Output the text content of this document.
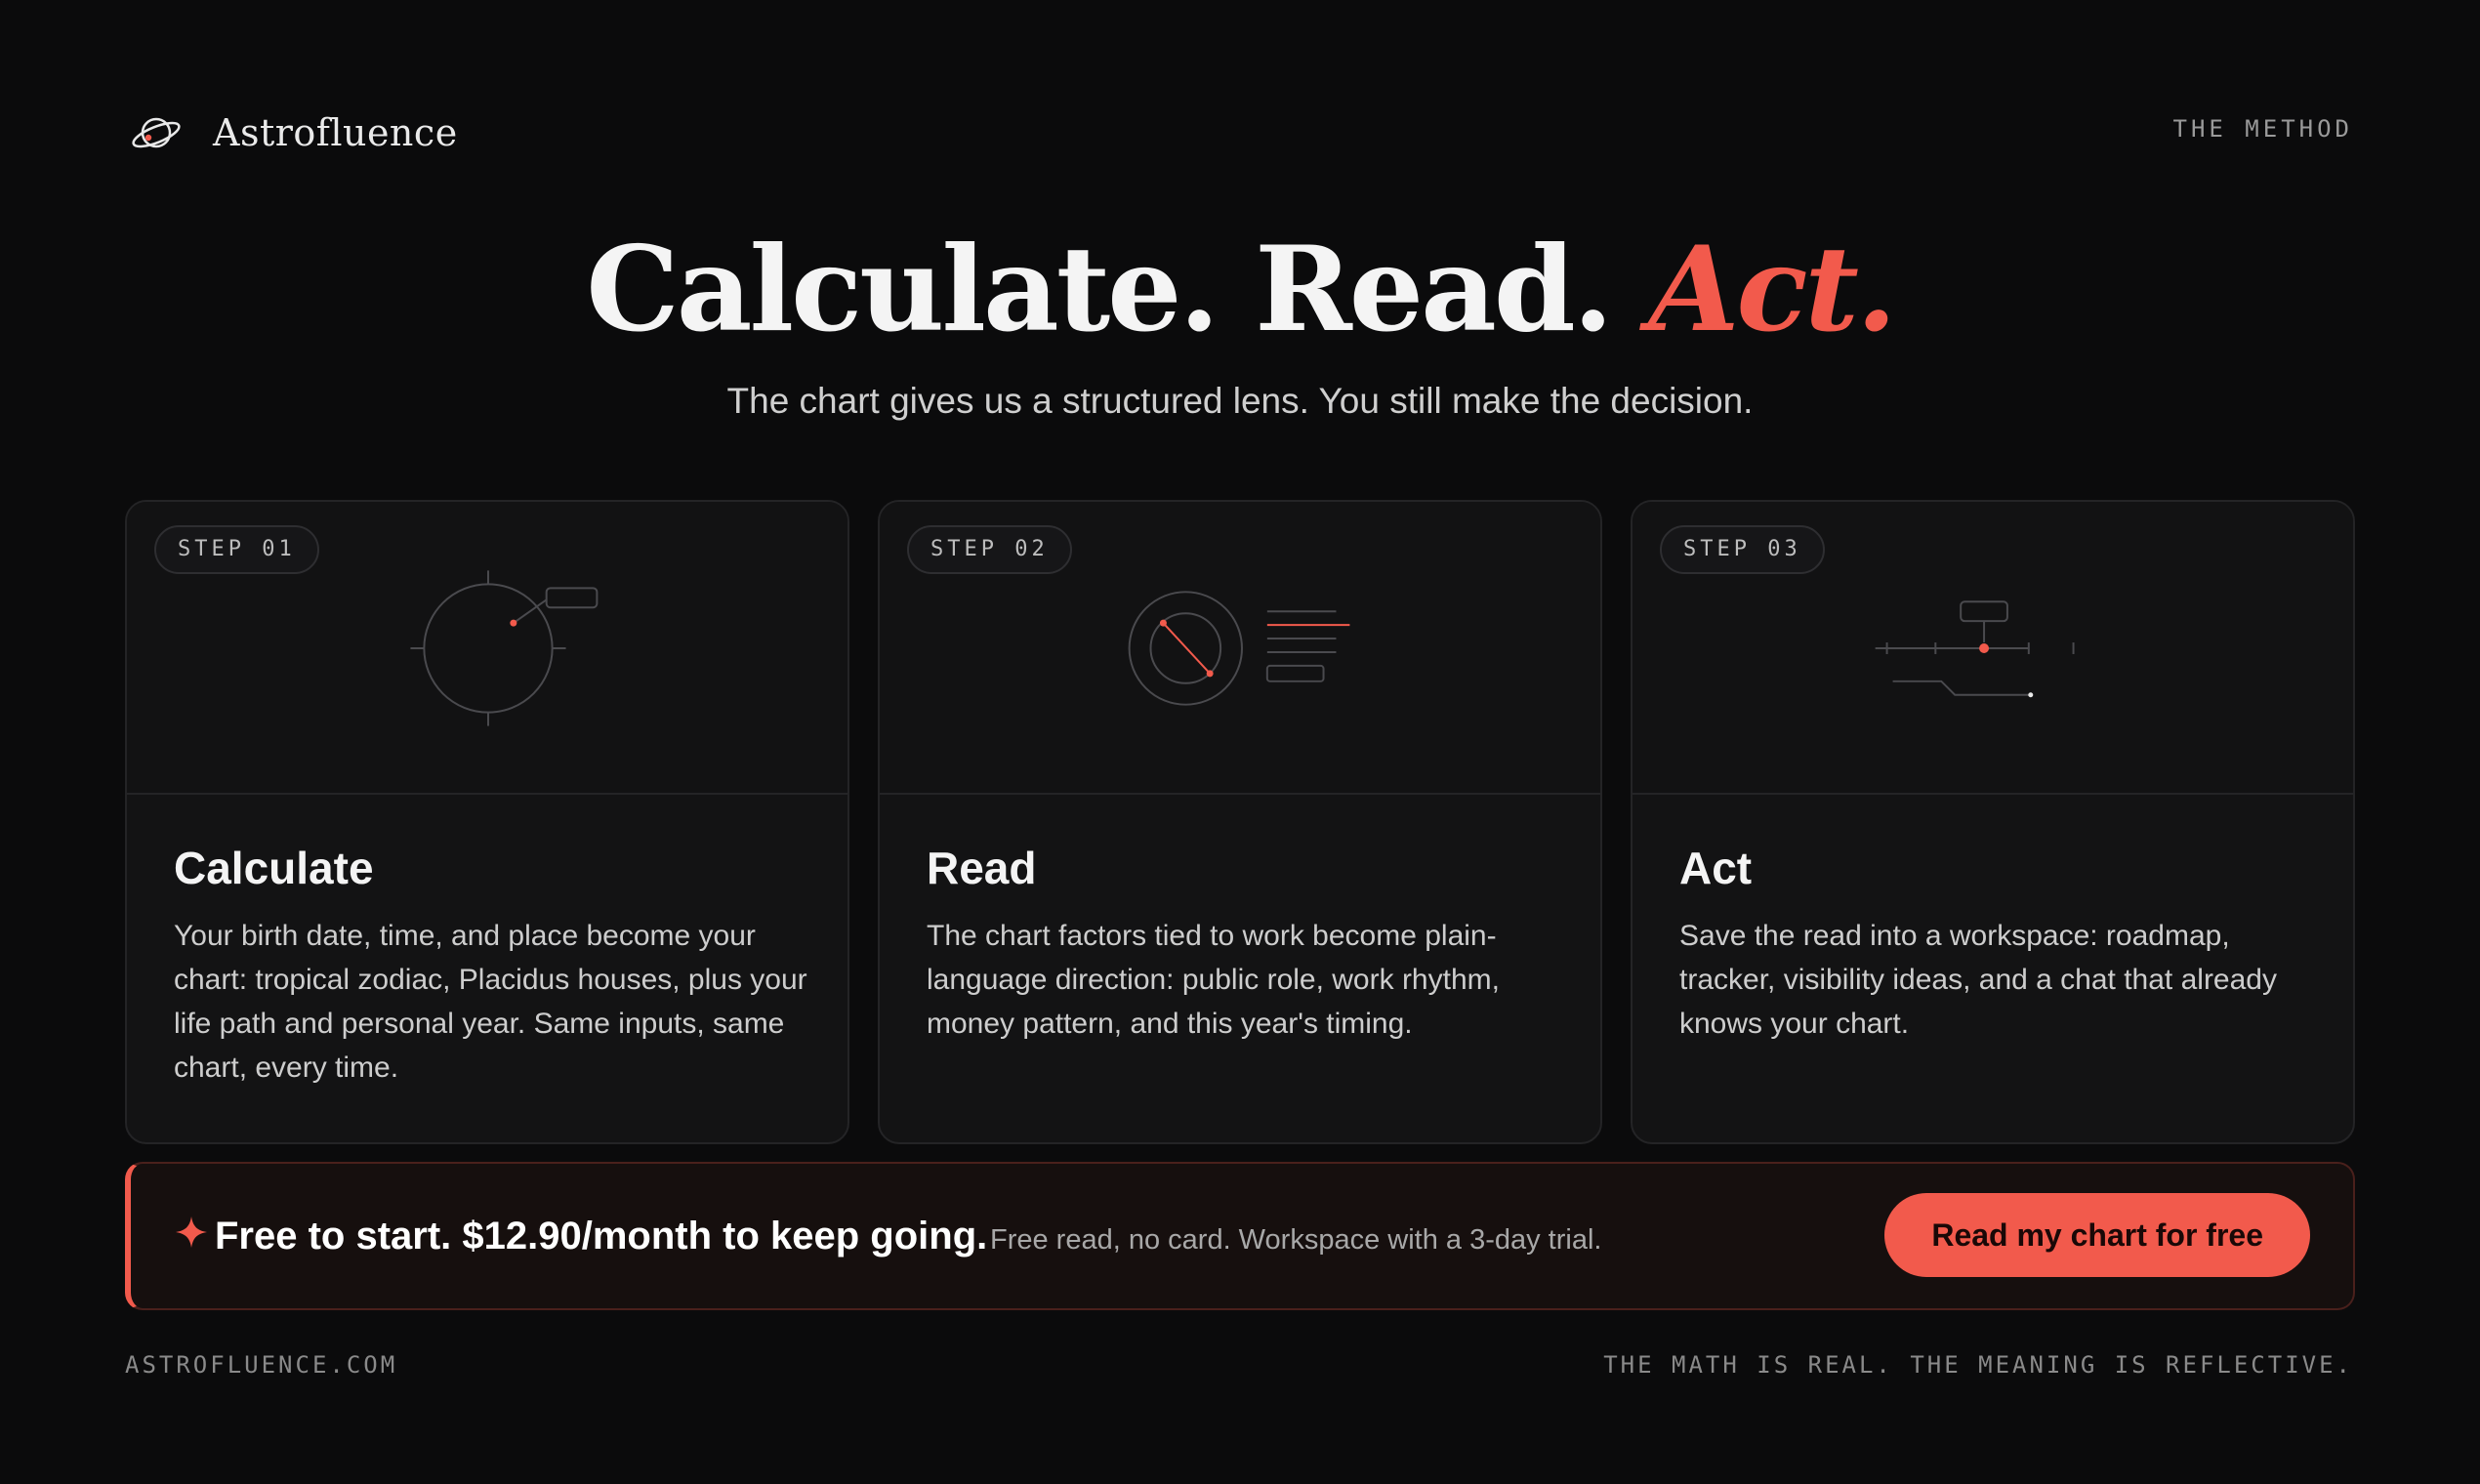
Astrofluence	THE METHOD
Calculate. Read. Act.

The chart gives us a structured lens. You still make the decision.

STEP 01
Calculate

Your birth date, time, and place become your chart: tropical zodiac, Placidus houses, plus your life path and personal year. Same inputs, same chart, every time.

STEP 02
Read

The chart factors tied to work become plain-language direction: public role, work rhythm, money pattern, and this year's timing.

STEP 03
Act

Save the read into a workspace: roadmap, tracker, visibility ideas, and a chat that already knows your chart.

Free to start. $12.90/month to keep going. Free read, no card. Workspace with a 3-day trial.	Read my chart for free
ASTROFLUENCE.COM	THE MATH IS REAL. THE MEANING IS REFLECTIVE.
